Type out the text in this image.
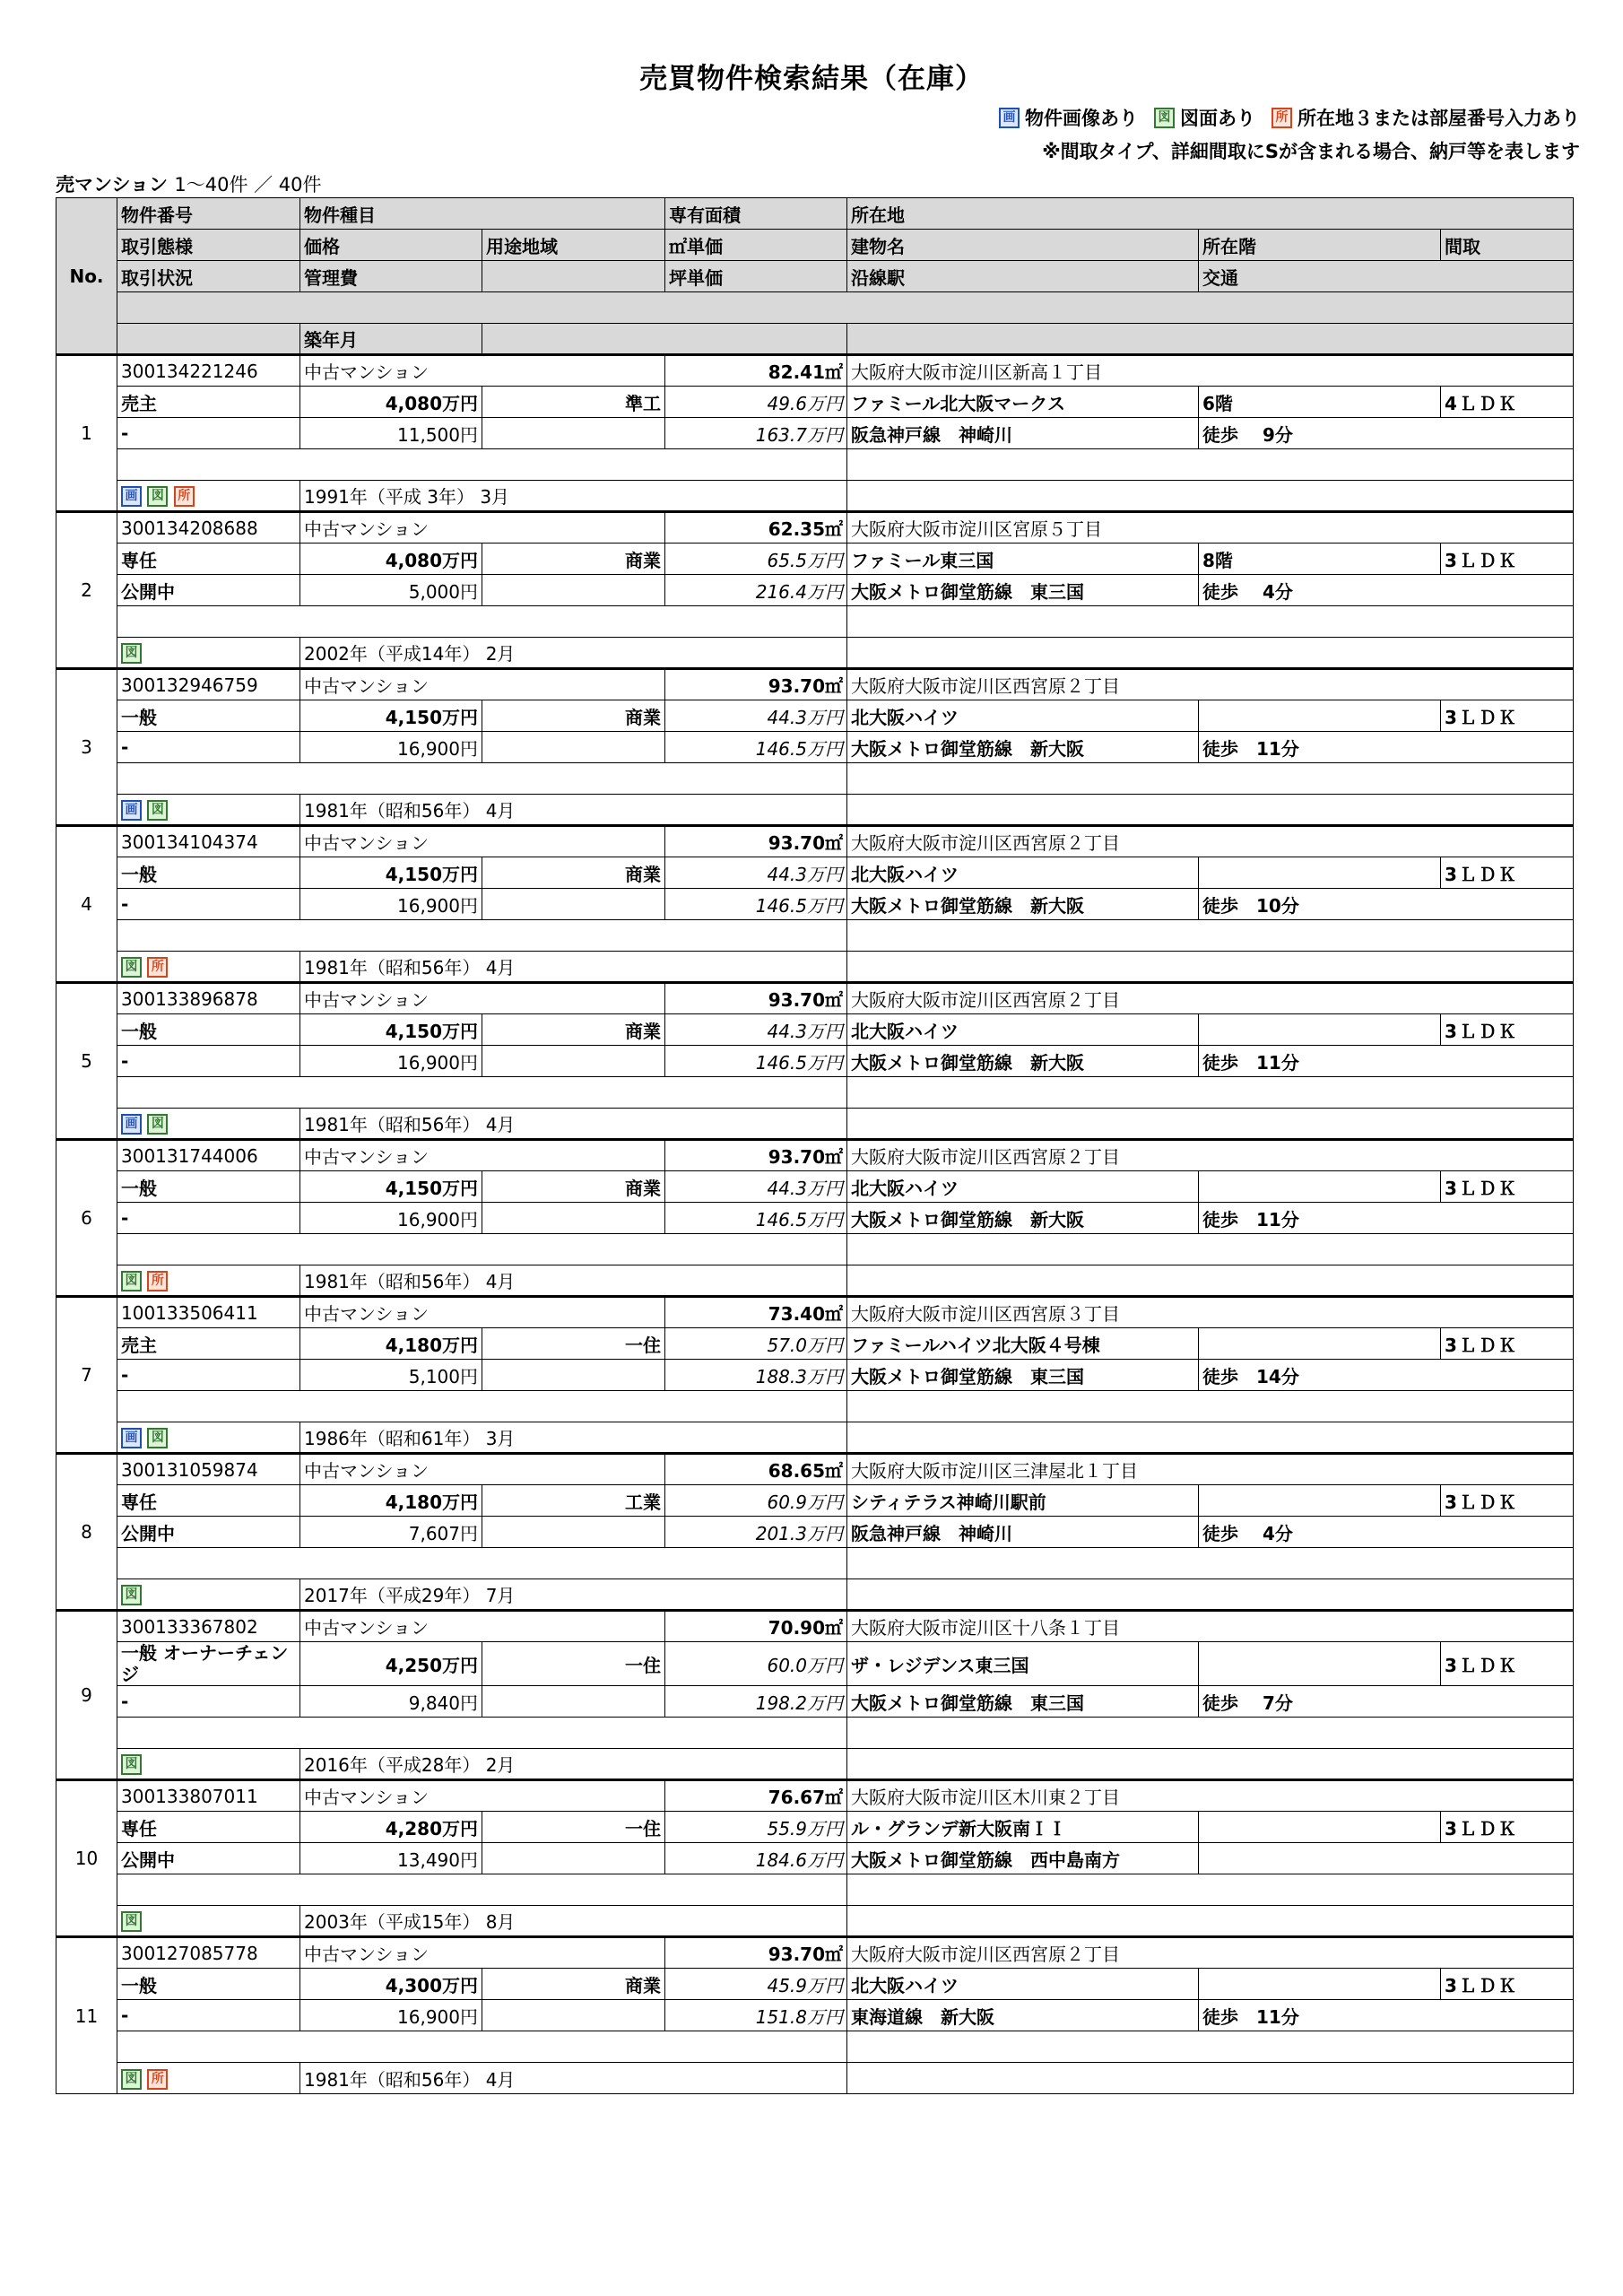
売買物件検索結果（在庫）
画 物件画像あり	図 図面あり	所 所在地３または部屋番号入力あり
※間取タイプ、詳細間取にSが含まれる場合、納戸等を表します
売マンション 1〜40件 ／ 40件
No.	物件番号	物件種目		専有面積	所在地		
	取引態様	価格	用途地域	㎡単価	建物名	所在階	間取
	取引状況	管理費		坪単価	沿線駅	交通	

		築年月					
1	300134221246	中古マンション		82.41㎡	大阪府大阪市淀川区新高１丁目		
	売主	4,080万円	準工	49.6万円	ファミール北大阪マークス	6階	4ＬＤＫ
	-	11,500円		163.7万円	阪急神戸線　神崎川	徒歩　 9分	

	画 図 所	1991年（平成 3年） 3月					
2	300134208688	中古マンション		62.35㎡	大阪府大阪市淀川区宮原５丁目		
	専任	4,080万円	商業	65.5万円	ファミール東三国	8階	3ＬＤＫ
	公開中	5,000円		216.4万円	大阪メトロ御堂筋線　東三国	徒歩　 4分	

	図	2002年（平成14年） 2月					
3	300132946759	中古マンション		93.70㎡	大阪府大阪市淀川区西宮原２丁目		
	一般	4,150万円	商業	44.3万円	北大阪ハイツ		3ＬＤＫ
	-	16,900円		146.5万円	大阪メトロ御堂筋線　新大阪	徒歩　11分	

	画 図	1981年（昭和56年） 4月					
4	300134104374	中古マンション		93.70㎡	大阪府大阪市淀川区西宮原２丁目		
	一般	4,150万円	商業	44.3万円	北大阪ハイツ		3ＬＤＫ
	-	16,900円		146.5万円	大阪メトロ御堂筋線　新大阪	徒歩　10分	

	図 所	1981年（昭和56年） 4月					
5	300133896878	中古マンション		93.70㎡	大阪府大阪市淀川区西宮原２丁目		
	一般	4,150万円	商業	44.3万円	北大阪ハイツ		3ＬＤＫ
	-	16,900円		146.5万円	大阪メトロ御堂筋線　新大阪	徒歩　11分	

	画 図	1981年（昭和56年） 4月					
6	300131744006	中古マンション		93.70㎡	大阪府大阪市淀川区西宮原２丁目		
	一般	4,150万円	商業	44.3万円	北大阪ハイツ		3ＬＤＫ
	-	16,900円		146.5万円	大阪メトロ御堂筋線　新大阪	徒歩　11分	

	図 所	1981年（昭和56年） 4月					
7	100133506411	中古マンション		73.40㎡	大阪府大阪市淀川区西宮原３丁目		
	売主	4,180万円	一住	57.0万円	ファミールハイツ北大阪４号棟		3ＬＤＫ
	-	5,100円		188.3万円	大阪メトロ御堂筋線　東三国	徒歩　14分	

	画 図	1986年（昭和61年） 3月					
8	300131059874	中古マンション		68.65㎡	大阪府大阪市淀川区三津屋北１丁目		
	専任	4,180万円	工業	60.9万円	シティテラス神崎川駅前		3ＬＤＫ
	公開中	7,607円		201.3万円	阪急神戸線　神崎川	徒歩　 4分	

	図	2017年（平成29年） 7月					
9	300133367802	中古マンション		70.90㎡	大阪府大阪市淀川区十八条１丁目		
	一般 オーナーチェンジ	4,250万円	一住	60.0万円	ザ・レジデンス東三国		3ＬＤＫ
	-	9,840円		198.2万円	大阪メトロ御堂筋線　東三国	徒歩　 7分	

	図	2016年（平成28年） 2月					
10	300133807011	中古マンション		76.67㎡	大阪府大阪市淀川区木川東２丁目		
	専任	4,280万円	一住	55.9万円	ル・グランデ新大阪南ＩＩ		3ＬＤＫ
	公開中	13,490円		184.6万円	大阪メトロ御堂筋線　西中島南方		

	図	2003年（平成15年） 8月					
11	300127085778	中古マンション		93.70㎡	大阪府大阪市淀川区西宮原２丁目		
	一般	4,300万円	商業	45.9万円	北大阪ハイツ		3ＬＤＫ
	-	16,900円		151.8万円	東海道線　新大阪	徒歩　11分	

	図 所	1981年（昭和56年） 4月					
